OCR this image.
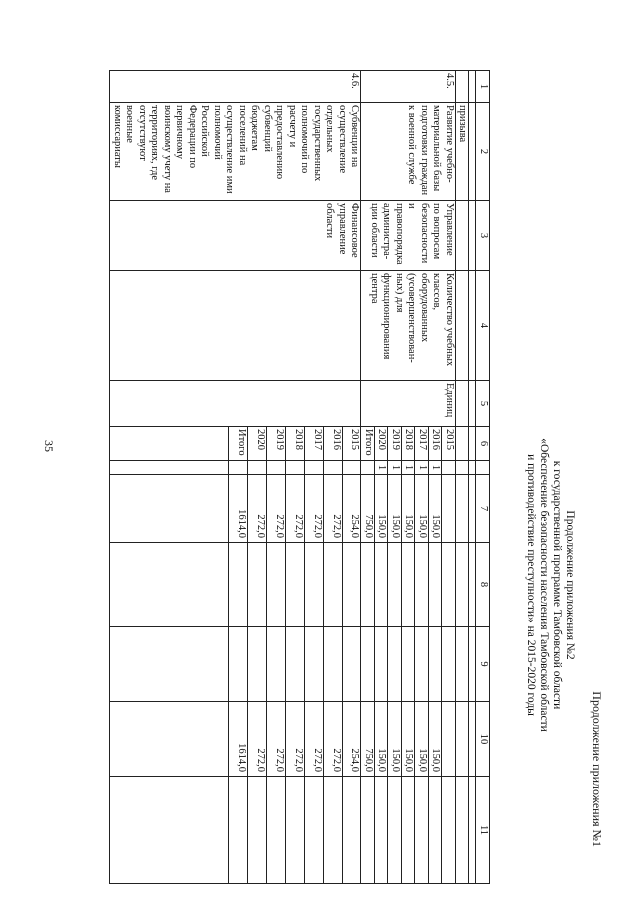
35
Продолжение приложения №1
Продолжение приложения №2
к государственной программе Тамбовской области
«Обеспечение безопасности населения Тамбовской области
и противодействие преступности» на 2015-2020 годы
1	2	3	4	5	6		7	8	9	10	11

	призыва										
4.5.	Развитие учебно-материальной базы подготовки граждан к военной службе	Управление по вопросам безопасности и правопорядка администра-ции области	Количество учебных классов, оборудованных (усовершенствован-ных) для функционирования центра	Единиц	2015						
					2016	1	150,0			150,0	
					2017	1	150,0			150,0	
					2018	1	150,0			150,0	
					2019	1	150,0			150,0	
					2020	1	150,0			150,0	
					Итого		750,0			750,0	
4.6.	Субвенции на осуществление отдельных государственных полномочий по расчету и предоставлению субвенций бюджетам поселений на осуществление ими полномочий Российской Федерации по первичному воинскому учету на территориях, где отсутствуют военные комиссариаты	Финансовое управление области			2015		254,0			254,0	
					2016		272,0			272,0	
					2017		272,0			272,0	
					2018		272,0			272,0	
					2019		272,0			272,0	
					2020		272,0			272,0	
					Итого		1614,0			1614,0	
